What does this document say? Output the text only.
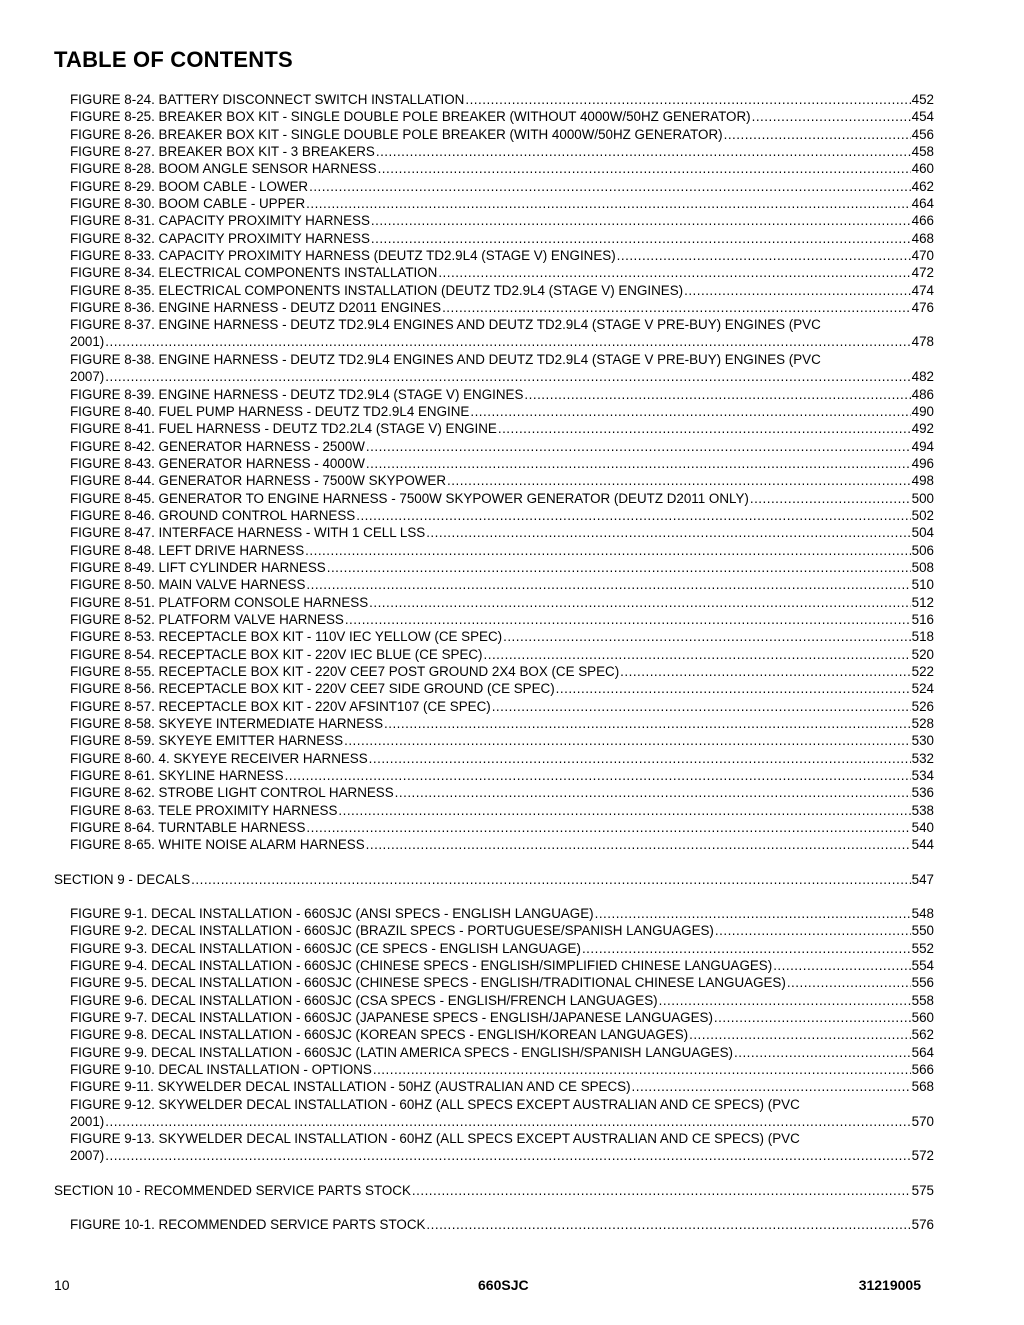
TABLE OF CONTENTS
FIGURE 8-24. BATTERY DISCONNECT SWITCH INSTALLATION .....	452
FIGURE 8-25. BREAKER BOX KIT - SINGLE DOUBLE POLE BREAKER (WITHOUT 4000W/50HZ GENERATOR) .....	454
FIGURE 8-26. BREAKER BOX KIT - SINGLE DOUBLE POLE BREAKER (WITH 4000W/50HZ GENERATOR) .....	456
FIGURE 8-27. BREAKER BOX KIT - 3 BREAKERS .....	458
FIGURE 8-28. BOOM ANGLE SENSOR HARNESS .....	460
FIGURE 8-29. BOOM CABLE - LOWER .....	462
FIGURE 8-30. BOOM CABLE - UPPER .....	464
FIGURE 8-31. CAPACITY PROXIMITY HARNESS .....	466
FIGURE 8-32. CAPACITY PROXIMITY HARNESS .....	468
FIGURE 8-33. CAPACITY PROXIMITY HARNESS (DEUTZ TD2.9L4 (STAGE V) ENGINES) .....	470
FIGURE 8-34. ELECTRICAL COMPONENTS INSTALLATION .....	472
FIGURE 8-35. ELECTRICAL COMPONENTS INSTALLATION (DEUTZ TD2.9L4 (STAGE V) ENGINES) .....	474
FIGURE 8-36. ENGINE HARNESS - DEUTZ D2011 ENGINES .....	476
FIGURE 8-37. ENGINE HARNESS - DEUTZ TD2.9L4 ENGINES AND DEUTZ TD2.9L4 (STAGE V PRE-BUY) ENGINES (PVC
2001) .....	478
FIGURE 8-38. ENGINE HARNESS - DEUTZ TD2.9L4 ENGINES AND DEUTZ TD2.9L4 (STAGE V PRE-BUY) ENGINES (PVC
2007) .....	482
FIGURE 8-39. ENGINE HARNESS - DEUTZ TD2.9L4 (STAGE V) ENGINES .....	486
FIGURE 8-40. FUEL PUMP HARNESS - DEUTZ TD2.9L4 ENGINE .....	490
FIGURE 8-41. FUEL HARNESS - DEUTZ TD2.2L4 (STAGE V) ENGINE .....	492
FIGURE 8-42. GENERATOR HARNESS - 2500W .....	494
FIGURE 8-43. GENERATOR HARNESS - 4000W .....	496
FIGURE 8-44. GENERATOR HARNESS - 7500W SKYPOWER .....	498
FIGURE 8-45. GENERATOR TO ENGINE HARNESS - 7500W SKYPOWER GENERATOR (DEUTZ D2011 ONLY) .....	500
FIGURE 8-46. GROUND CONTROL HARNESS .....	502
FIGURE 8-47. INTERFACE HARNESS - WITH 1 CELL LSS .....	504
FIGURE 8-48. LEFT DRIVE HARNESS .....	506
FIGURE 8-49. LIFT CYLINDER HARNESS .....	508
FIGURE 8-50. MAIN VALVE HARNESS .....	510
FIGURE 8-51. PLATFORM CONSOLE HARNESS .....	512
FIGURE 8-52. PLATFORM VALVE HARNESS .....	516
FIGURE 8-53. RECEPTACLE BOX KIT - 110V IEC YELLOW (CE SPEC) .....	518
FIGURE 8-54. RECEPTACLE BOX KIT - 220V IEC BLUE (CE SPEC) .....	520
FIGURE 8-55. RECEPTACLE BOX KIT - 220V CEE7 POST GROUND 2X4 BOX (CE SPEC) .....	522
FIGURE 8-56. RECEPTACLE BOX KIT - 220V CEE7 SIDE GROUND (CE SPEC) .....	524
FIGURE 8-57. RECEPTACLE BOX KIT - 220V AFSINT107 (CE SPEC) .....	526
FIGURE 8-58. SKYEYE INTERMEDIATE HARNESS .....	528
FIGURE 8-59. SKYEYE EMITTER HARNESS .....	530
FIGURE 8-60. 4. SKYEYE RECEIVER HARNESS .....	532
FIGURE 8-61. SKYLINE HARNESS .....	534
FIGURE 8-62. STROBE LIGHT CONTROL HARNESS .....	536
FIGURE 8-63. TELE PROXIMITY HARNESS .....	538
FIGURE 8-64. TURNTABLE HARNESS .....	540
FIGURE 8-65. WHITE NOISE ALARM HARNESS .....	544
SECTION 9 - DECALS .....	547
FIGURE 9-1. DECAL INSTALLATION - 660SJC (ANSI SPECS - ENGLISH LANGUAGE) .....	548
FIGURE 9-2. DECAL INSTALLATION - 660SJC (BRAZIL SPECS - PORTUGUESE/SPANISH LANGUAGES) .....	550
FIGURE 9-3. DECAL INSTALLATION - 660SJC (CE SPECS - ENGLISH LANGUAGE) .....	552
FIGURE 9-4. DECAL INSTALLATION - 660SJC (CHINESE SPECS - ENGLISH/SIMPLIFIED CHINESE LANGUAGES) .....	554
FIGURE 9-5. DECAL INSTALLATION - 660SJC (CHINESE SPECS - ENGLISH/TRADITIONAL CHINESE LANGUAGES) .....	556
FIGURE 9-6. DECAL INSTALLATION - 660SJC (CSA SPECS - ENGLISH/FRENCH LANGUAGES) .....	558
FIGURE 9-7. DECAL INSTALLATION - 660SJC (JAPANESE SPECS - ENGLISH/JAPANESE LANGUAGES) .....	560
FIGURE 9-8. DECAL INSTALLATION - 660SJC (KOREAN SPECS - ENGLISH/KOREAN LANGUAGES) .....	562
FIGURE 9-9. DECAL INSTALLATION - 660SJC (LATIN AMERICA SPECS - ENGLISH/SPANISH LANGUAGES) .....	564
FIGURE 9-10. DECAL INSTALLATION - OPTIONS .....	566
FIGURE 9-11. SKYWELDER DECAL INSTALLATION - 50HZ (AUSTRALIAN AND CE SPECS) .....	568
FIGURE 9-12. SKYWELDER DECAL INSTALLATION - 60HZ (ALL SPECS EXCEPT AUSTRALIAN AND CE SPECS) (PVC
2001) .....	570
FIGURE 9-13. SKYWELDER DECAL INSTALLATION - 60HZ (ALL SPECS EXCEPT AUSTRALIAN AND CE SPECS) (PVC
2007) .....	572
SECTION 10 - RECOMMENDED SERVICE PARTS STOCK .....	575
FIGURE 10-1. RECOMMENDED SERVICE PARTS STOCK .....	576
10	660SJC	31219005
